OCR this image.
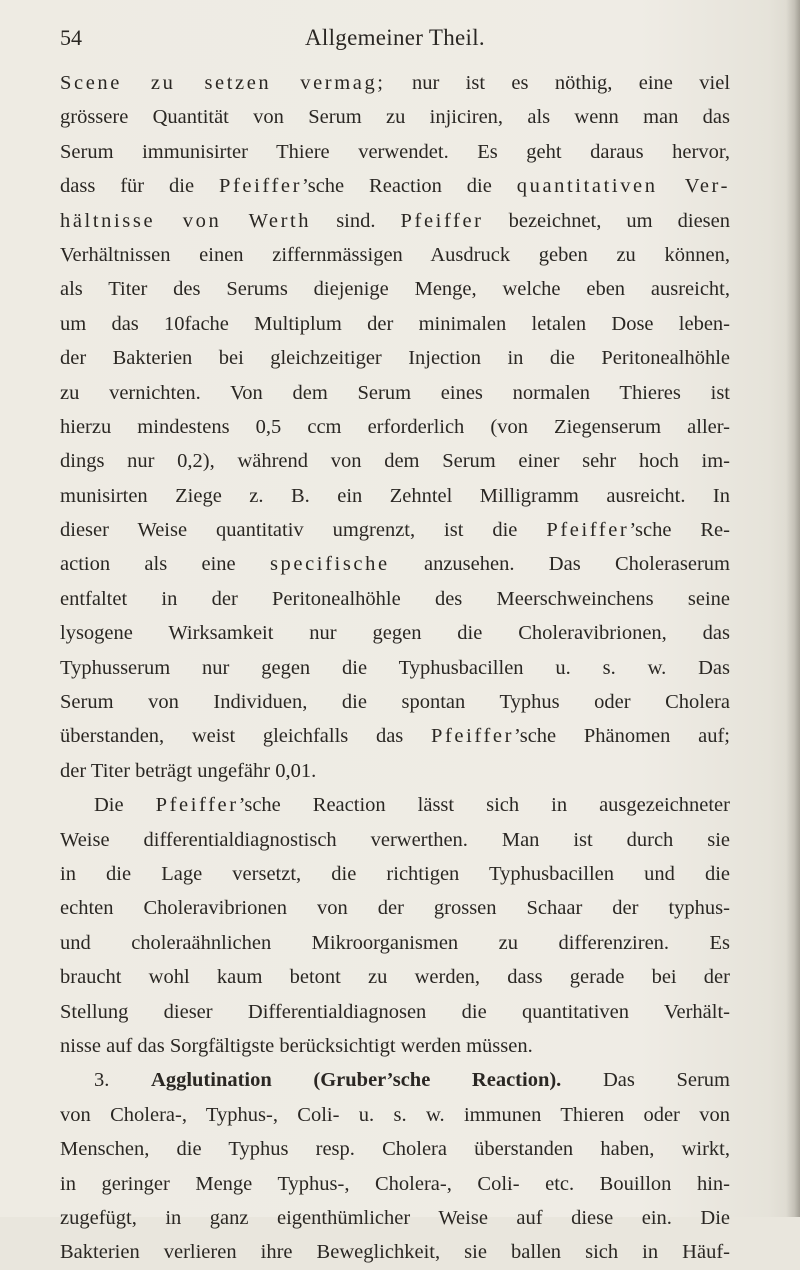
54	Allgemeiner Theil.
Scene zu setzen vermag; nur ist es nöthig, eine viel
grössere Quantität von Serum zu injiciren, als wenn man das
Serum immunisirter Thiere verwendet. Es geht daraus hervor,
dass für die Pfeiffer’sche Reaction die quantitativen Ver-
hältnisse von Werth sind. Pfeiffer bezeichnet, um diesen
Verhältnissen einen ziffernmässigen Ausdruck geben zu können,
als Titer des Serums diejenige Menge, welche eben ausreicht,
um das 10fache Multiplum der minimalen letalen Dose leben-
der Bakterien bei gleichzeitiger Injection in die Peritonealhöhle
zu vernichten. Von dem Serum eines normalen Thieres ist
hierzu mindestens 0,5 ccm erforderlich (von Ziegenserum aller-
dings nur 0,2), während von dem Serum einer sehr hoch im-
munisirten Ziege z. B. ein Zehntel Milligramm ausreicht. In
dieser Weise quantitativ umgrenzt, ist die Pfeiffer’sche Re-
action als eine specifische anzusehen. Das Choleraserum
entfaltet in der Peritonealhöhle des Meerschweinchens seine
lysogene Wirksamkeit nur gegen die Choleravibrionen, das
Typhusserum nur gegen die Typhusbacillen u. s. w. Das
Serum von Individuen, die spontan Typhus oder Cholera
überstanden, weist gleichfalls das Pfeiffer’sche Phänomen auf;
der Titer beträgt ungefähr 0,01.
Die Pfeiffer’sche Reaction lässt sich in ausgezeichneter
Weise differentialdiagnostisch verwerthen. Man ist durch sie
in die Lage versetzt, die richtigen Typhusbacillen und die
echten Choleravibrionen von der grossen Schaar der typhus-
und choleraähnlichen Mikroorganismen zu differenziren. Es
braucht wohl kaum betont zu werden, dass gerade bei der
Stellung dieser Differentialdiagnosen die quantitativen Verhält-
nisse auf das Sorgfältigste berücksichtigt werden müssen.
3. Agglutination (Gruber’sche Reaction). Das Serum
von Cholera-, Typhus-, Coli- u. s. w. immunen Thieren oder von
Menschen, die Typhus resp. Cholera überstanden haben, wirkt,
in geringer Menge Typhus-, Cholera-, Coli- etc. Bouillon hin-
zugefügt, in ganz eigenthümlicher Weise auf diese ein. Die
Bakterien verlieren ihre Beweglichkeit, sie ballen sich in Häuf-
